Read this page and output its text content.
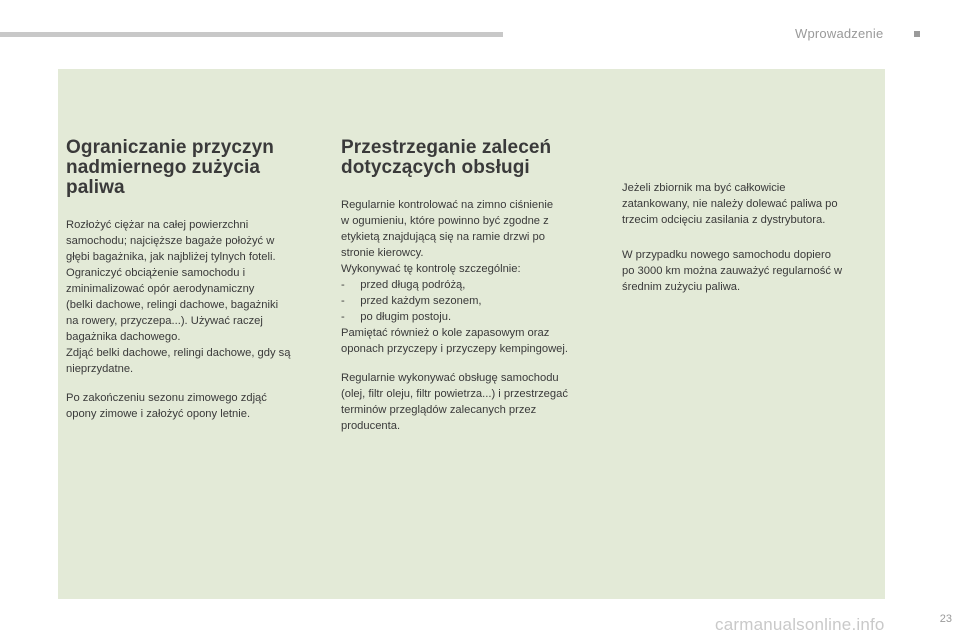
Wprowadzenie
Ograniczanie przyczyn
nadmiernego zużycia paliwa

Rozłożyć ciężar na całej powierzchni
samochodu; najcięższe bagaże położyć w
głębi bagażnika, jak najbliżej tylnych foteli.
Ograniczyć obciążenie samochodu i
zminimalizować opór aerodynamiczny
(belki dachowe, relingi dachowe, bagażniki
na rowery, przyczepa...). Używać raczej
bagażnika dachowego.
Zdjąć belki dachowe, relingi dachowe, gdy są
nieprzydatne.

Po zakończeniu sezonu zimowego zdjąć
opony zimowe i założyć opony letnie.

Przestrzeganie zaleceń
dotyczących obsługi

Regularnie kontrolować na zimno ciśnienie
w ogumieniu, które powinno być zgodne z
etykietą znajdującą się na ramie drzwi po
stronie kierowcy.
Wykonywać tę kontrolę szczególnie:
-     przed długą podróżą,
-     przed każdym sezonem,
-     po długim postoju.
Pamiętać również o kole zapasowym oraz
oponach przyczepy i przyczepy kempingowej.

Regularnie wykonywać obsługę samochodu
(olej, filtr oleju, filtr powietrza...) i przestrzegać
terminów przeglądów zalecanych przez
producenta.

Jeżeli zbiornik ma być całkowicie
zatankowany, nie należy dolewać paliwa po
trzecim odcięciu zasilania z dystrybutora.

W przypadku nowego samochodu dopiero
po 3000 km można zauważyć regularność w
średnim zużyciu paliwa.

carmanualsonline.info	23
